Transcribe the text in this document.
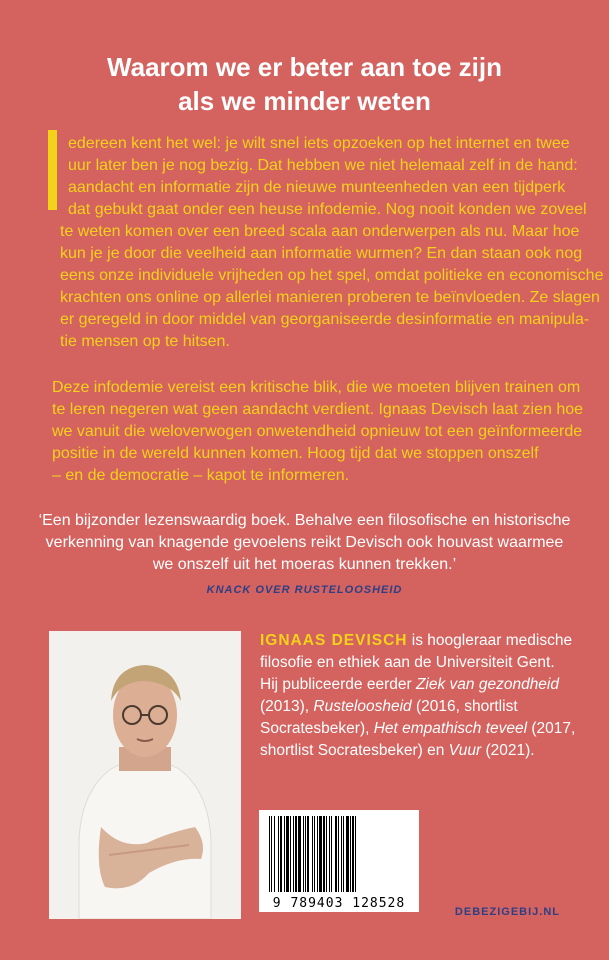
Waarom we er beter aan toe zijn
als we minder weten
edereen kent het wel: je wilt snel iets opzoeken op het internet en twee
uur later ben je nog bezig. Dat hebben we niet helemaal zelf in de hand:
aandacht en informatie zijn de nieuwe munteenheden van een tijdperk
dat gebukt gaat onder een heuse infodemie. Nog nooit konden we zoveel
te weten komen over een breed scala aan onderwerpen als nu. Maar hoe
kun je je door die veelheid aan informatie wurmen? En dan staan ook nog
eens onze individuele vrijheden op het spel, omdat politieke en economische
krachten ons online op allerlei manieren proberen te beïnvloeden. Ze slagen
er geregeld in door middel van georganiseerde desinformatie en manipula-
tie mensen op te hitsen.
Deze infodemie vereist een kritische blik, die we moeten blijven trainen om
te leren negeren wat geen aandacht verdient. Ignaas Devisch laat zien hoe
we vanuit die weloverwogen onwetendheid opnieuw tot een geïnformeerde
positie in de wereld kunnen komen. Hoog tijd dat we stoppen onszelf
– en de democratie – kapot te informeren.
‘Een bijzonder lezenswaardig boek. Behalve een filosofische en historische
verkenning van knagende gevoelens reikt Devisch ook houvast waarmee
we onszelf uit het moeras kunnen trekken.’
KNACK OVER RUSTELOOSHEID
IGNAAS DEVISCH is hoogleraar medische
filosofie en ethiek aan de Universiteit Gent.
Hij publiceerde eerder Ziek van gezondheid
(2013), Rusteloosheid (2016, shortlist
Socratesbeker), Het empathisch teveel (2017,
shortlist Socratesbeker) en Vuur (2021).
9 789403 128528
DEBEZIGEBIJ.NL
